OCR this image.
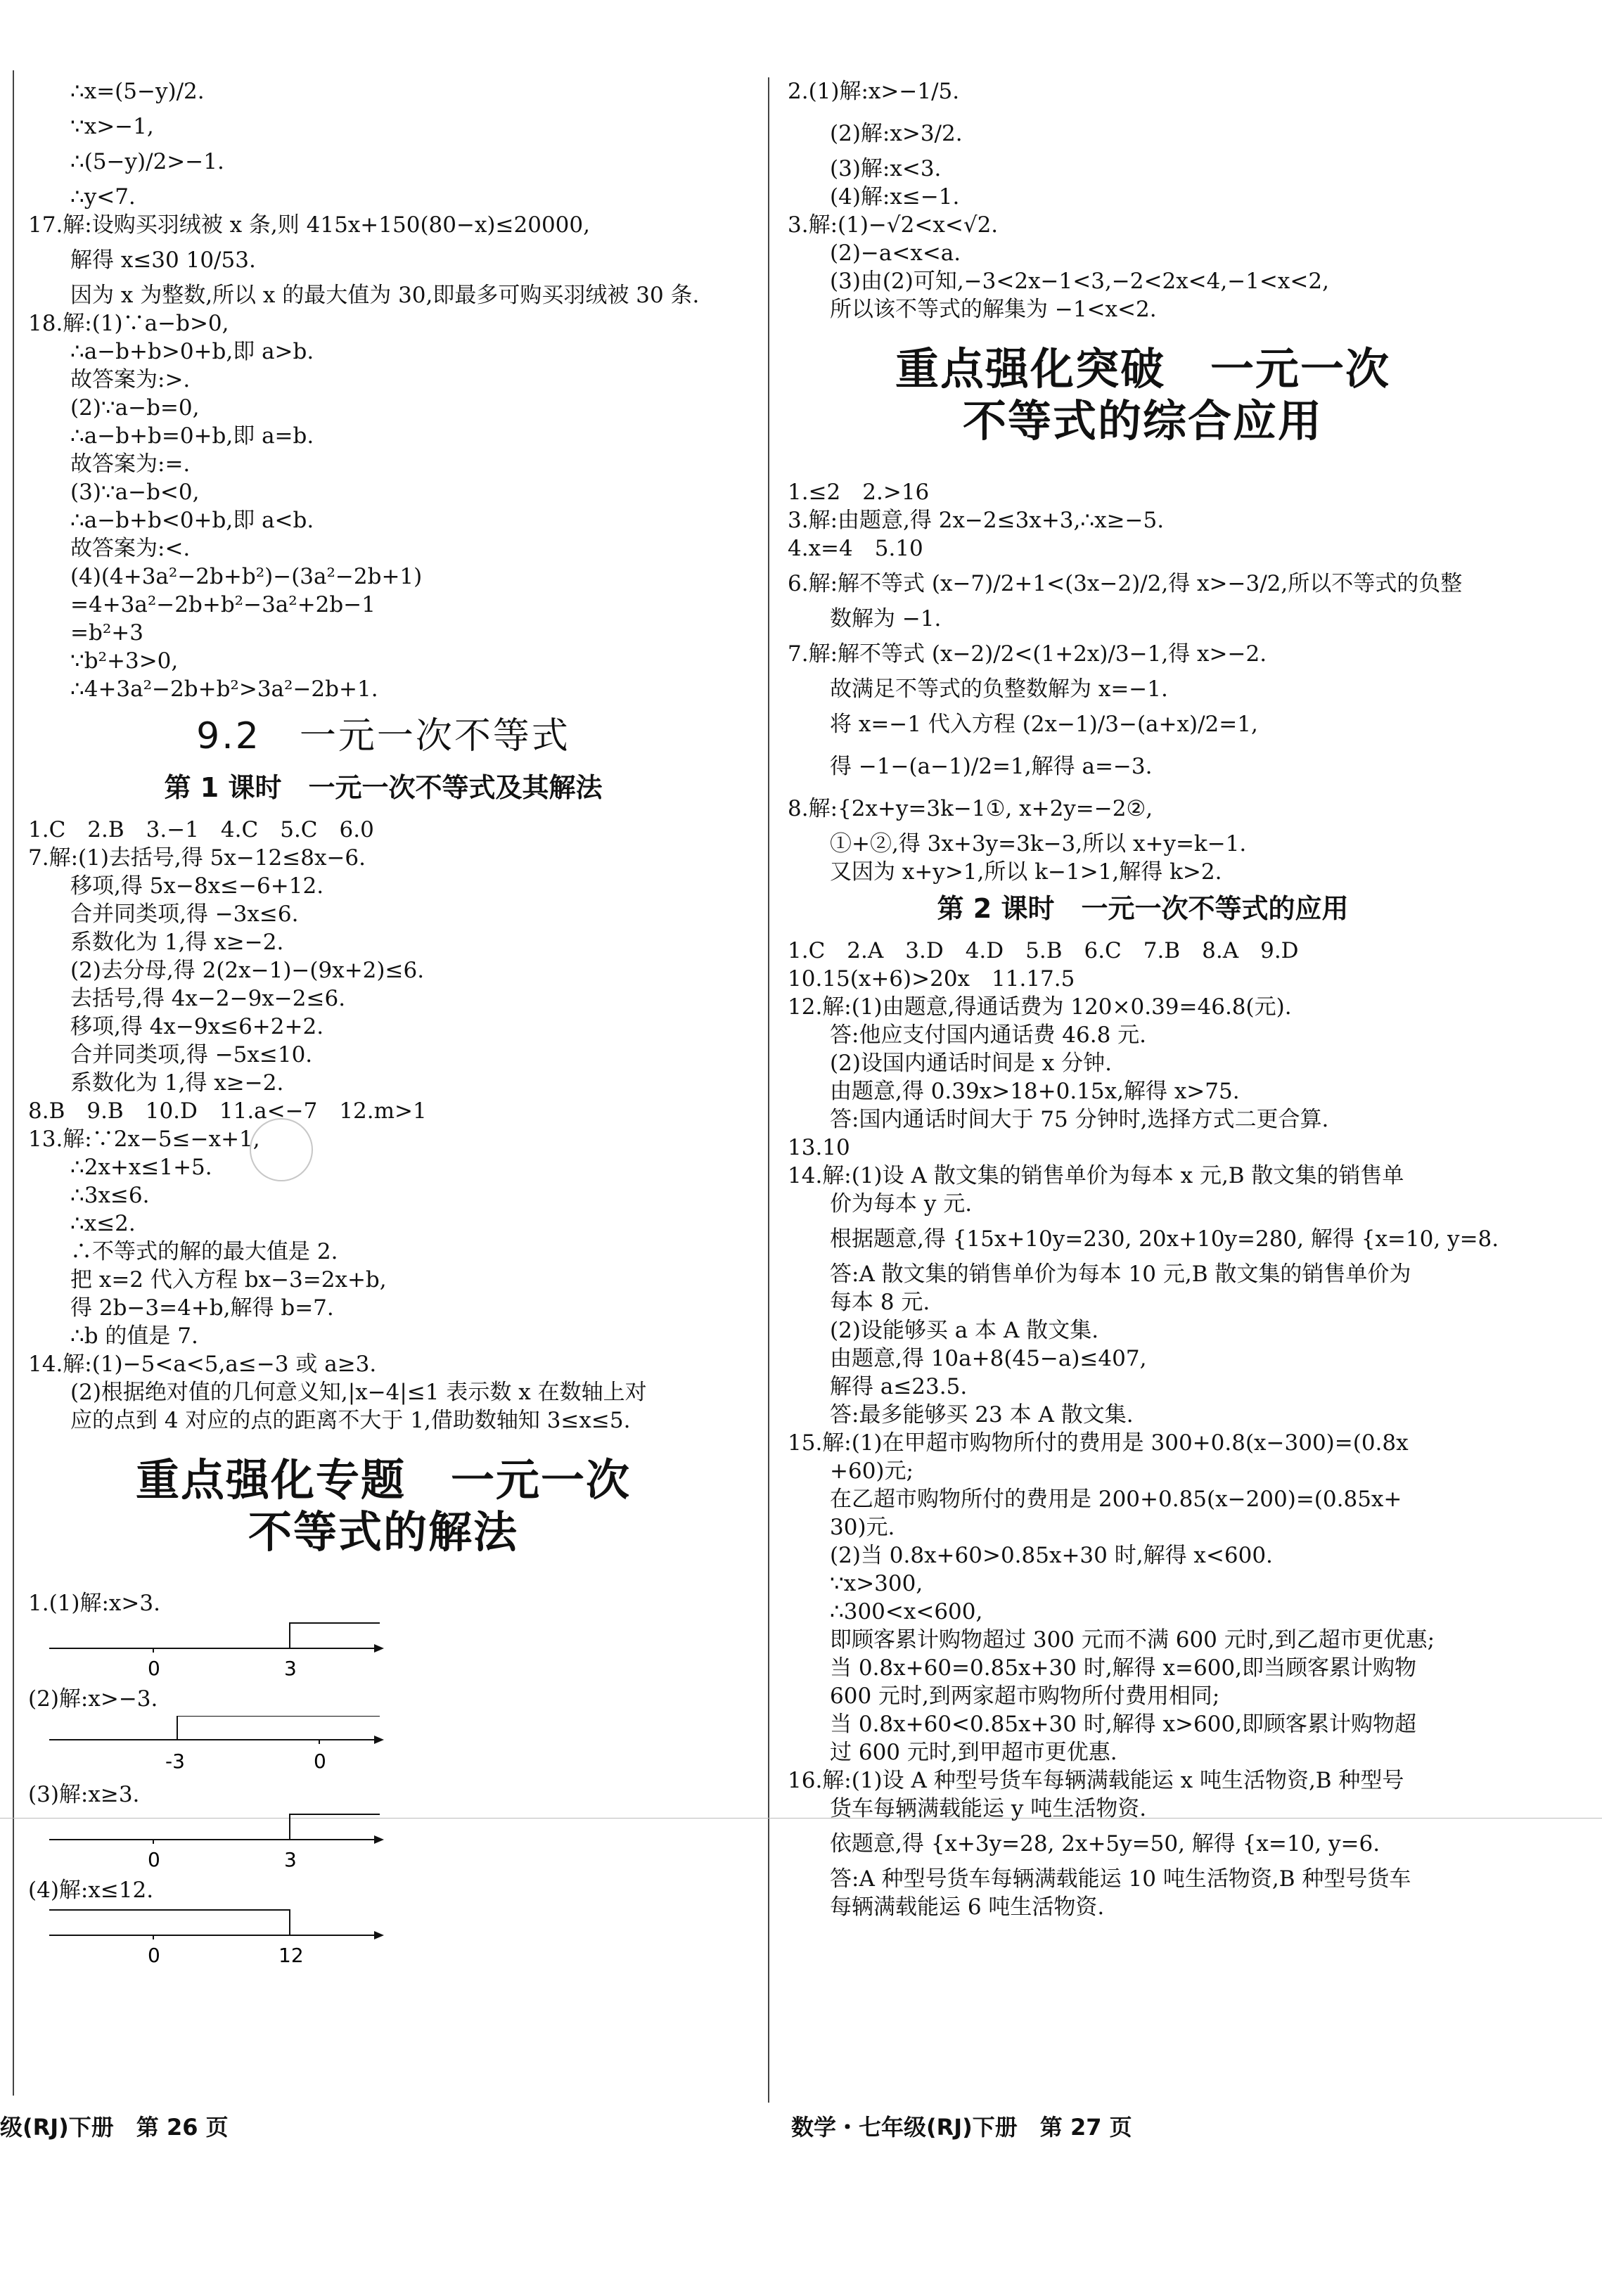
∴x=(5−y)/2.
∵x>−1,
∴(5−y)/2>−1.
∴y<7.
17.解:设购买羽绒被 x 条,则 415x+150(80−x)≤20000,
解得 x≤30 10/53.
因为 x 为整数,所以 x 的最大值为 30,即最多可购买羽绒被 30 条.
18.解:(1)∵a−b>0,
∴a−b+b>0+b,即 a>b.
故答案为:>.
(2)∵a−b=0,
∴a−b+b=0+b,即 a=b.
故答案为:=.
(3)∵a−b<0,
∴a−b+b<0+b,即 a<b.
故答案为:<.
(4)(4+3a²−2b+b²)−(3a²−2b+1)
=4+3a²−2b+b²−3a²+2b−1
=b²+3
∵b²+3>0,
∴4+3a²−2b+b²>3a²−2b+1.
9.2　一元一次不等式
第 1 课时　一元一次不等式及其解法
1.C　2.B　3.−1　4.C　5.C　6.0
7.解:(1)去括号,得 5x−12≤8x−6.
移项,得 5x−8x≤−6+12.
合并同类项,得 −3x≤6.
系数化为 1,得 x≥−2.
(2)去分母,得 2(2x−1)−(9x+2)≤6.
去括号,得 4x−2−9x−2≤6.
移项,得 4x−9x≤6+2+2.
合并同类项,得 −5x≤10.
系数化为 1,得 x≥−2.
8.B　9.B　10.D　11.a<−7　12.m>1
13.解:∵2x−5≤−x+1,
∴2x+x≤1+5.
∴3x≤6.
∴x≤2.
∴不等式的解的最大值是 2.
把 x=2 代入方程 bx−3=2x+b,
得 2b−3=4+b,解得 b=7.
∴b 的值是 7.
14.解:(1)−5<a<5,a≤−3 或 a≥3.
(2)根据绝对值的几何意义知,|x−4|≤1 表示数 x 在数轴上对
应的点到 4 对应的点的距离不大于 1,借助数轴知 3≤x≤5.
重点强化专题　一元一次
不等式的解法
1.(1)解:x>3.
0	3
(2)解:x>−3.
-3	0
(3)解:x≥3.
0	3
(4)解:x≤12.
0	12
2.(1)解:x>−1/5.
(2)解:x>3/2.
(3)解:x<3.
(4)解:x≤−1.
3.解:(1)−√2<x<√2.
(2)−a<x<a.
(3)由(2)可知,−3<2x−1<3,−2<2x<4,−1<x<2,
所以该不等式的解集为 −1<x<2.
重点强化突破　一元一次
不等式的综合应用
1.≤2　2.>16
3.解:由题意,得 2x−2≤3x+3,∴x≥−5.
4.x=4　5.10
6.解:解不等式 (x−7)/2+1<(3x−2)/2,得 x>−3/2,所以不等式的负整
数解为 −1.
7.解:解不等式 (x−2)/2<(1+2x)/3−1,得 x>−2.
故满足不等式的负整数解为 x=−1.
将 x=−1 代入方程 (2x−1)/3−(a+x)/2=1,
得 −1−(a−1)/2=1,解得 a=−3.
8.解:{2x+y=3k−1①, x+2y=−2②,
①+②,得 3x+3y=3k−3,所以 x+y=k−1.
又因为 x+y>1,所以 k−1>1,解得 k>2.
第 2 课时　一元一次不等式的应用
1.C　2.A　3.D　4.D　5.B　6.C　7.B　8.A　9.D
10.15(x+6)>20x　11.17.5
12.解:(1)由题意,得通话费为 120×0.39=46.8(元).
答:他应支付国内通话费 46.8 元.
(2)设国内通话时间是 x 分钟.
由题意,得 0.39x>18+0.15x,解得 x>75.
答:国内通话时间大于 75 分钟时,选择方式二更合算.
13.10
14.解:(1)设 A 散文集的销售单价为每本 x 元,B 散文集的销售单
价为每本 y 元.
根据题意,得 {15x+10y=230, 20x+10y=280, 解得 {x=10, y=8.
答:A 散文集的销售单价为每本 10 元,B 散文集的销售单价为
每本 8 元.
(2)设能够买 a 本 A 散文集.
由题意,得 10a+8(45−a)≤407,
解得 a≤23.5.
答:最多能够买 23 本 A 散文集.
15.解:(1)在甲超市购物所付的费用是 300+0.8(x−300)=(0.8x
+60)元;
在乙超市购物所付的费用是 200+0.85(x−200)=(0.85x+
30)元.
(2)当 0.8x+60>0.85x+30 时,解得 x<600.
∵x>300,
∴300<x<600,
即顾客累计购物超过 300 元而不满 600 元时,到乙超市更优惠;
当 0.8x+60=0.85x+30 时,解得 x=600,即当顾客累计购物
600 元时,到两家超市购物所付费用相同;
当 0.8x+60<0.85x+30 时,解得 x>600,即顾客累计购物超
过 600 元时,到甲超市更优惠.
16.解:(1)设 A 种型号货车每辆满载能运 x 吨生活物资,B 种型号
货车每辆满载能运 y 吨生活物资.
依题意,得 {x+3y=28, 2x+5y=50, 解得 {x=10, y=6.
答:A 种型号货车每辆满载能运 10 吨生活物资,B 种型号货车
每辆满载能运 6 吨生活物资.
级(RJ)下册　第 26 页	数学・七年级(RJ)下册　第 27 页
